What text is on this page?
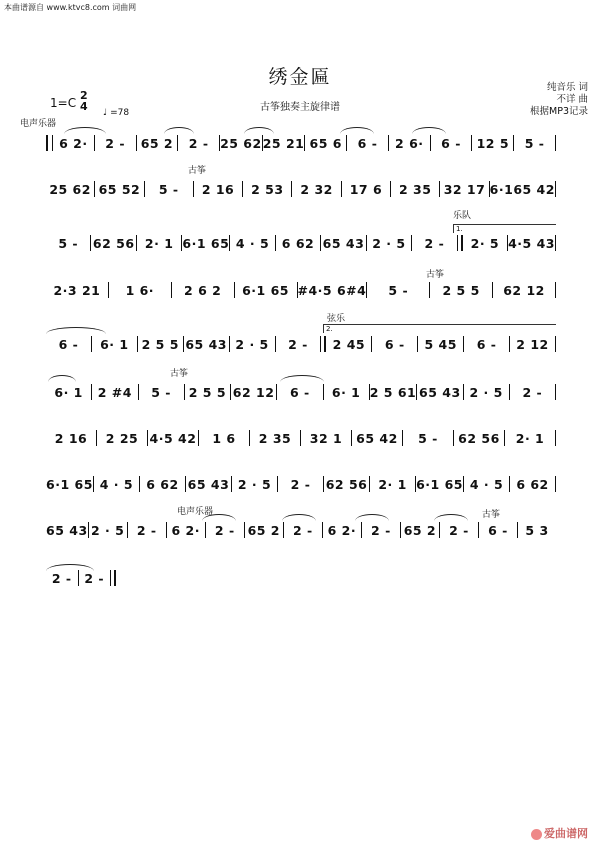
本曲谱源自 www.ktvc8.com 词曲网
绣金匾
古筝独奏主旋律谱
纯音乐 词
不详 曲
根据MP3记录
1=C
2
4 ♩ =78
电声乐器
古筝
乐队
古筝
弦乐
古筝
电声乐器	古筝
1.
2.
6 2·	2 -	65 2	2 - 25 62 25 21 65 6	6 -	2 6·	6 -	12 5	5 -
25 62 65 52	5 -	2 16	2 53	2 32	17 6	2 35 32 17 6·165 42
5 -	62 56 2· 1 6·1 65 4 · 5	6 62 65 43 2 · 5	2 -	2· 5 4·5 43
2·3 21	1 6·	2 6 2	6·1 65 #4·5 6#4	5 -	2 5 5	62 12
6 -	6· 1	2 5 5 65 43 2 · 5	2 -	2 45	6 -	5 45	6 -	2 12
6· 1	2 #4	5 -	2 5 5 62 12	6 -	6· 1 2 5 61 65 43 2 · 5	2 -
2 16	2 25 4·5 42	1 6	2 35	32 1	65 42	5 -	62 56	2· 1
6·1 65 4 · 5	6 62 65 43 2 · 5	2 -	62 56 2· 1 6·1 65 4 · 5	6 62
65 43 2 · 5 2 -	6 2·	2 -	65 2	2 -	6 2·	2 -	65 2	2 -	6 -	5 3
2 -	2 -
爱曲谱网
